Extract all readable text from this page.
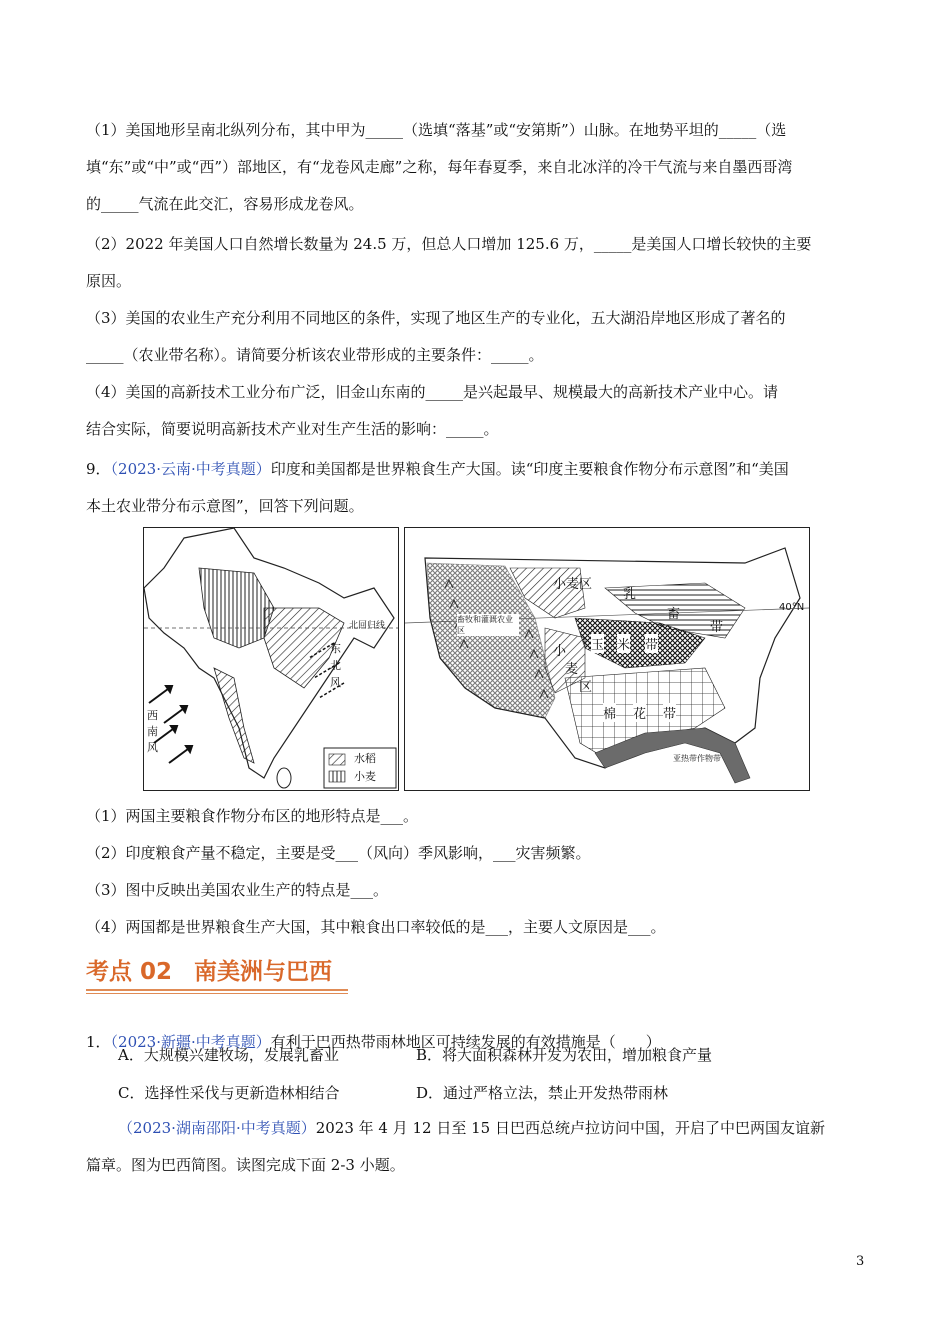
（1）美国地形呈南北纵列分布，其中甲为_____（选填“落基”或“安第斯”）山脉。在地势平坦的_____（选
填“东”或“中”或“西”）部地区，有“龙卷风走廊”之称，每年春夏季，来自北冰洋的冷干气流与来自墨西哥湾
的_____气流在此交汇，容易形成龙卷风。
（2）2022 年美国人口自然增长数量为 24.5 万，但总人口增加 125.6 万，_____是美国人口增长较快的主要
原因。
（3）美国的农业生产充分利用不同地区的条件，实现了地区生产的专业化，五大湖沿岸地区形成了著名的
_____（农业带名称）。请简要分析该农业带形成的主要条件：_____。
（4）美国的高新技术工业分布广泛，旧金山东南的_____是兴起最早、规模最大的高新技术产业中心。请
结合实际，简要说明高新技术产业对生产生活的影响：_____。
9．（2023·云南·中考真题）印度和美国都是世界粮食生产大国。读“印度主要粮食作物分布示意图”和“美国
本土农业带分布示意图”，回答下列问题。
水稻
小麦
北回归线
东北风
西南风
小麦区
乳
畜
带
玉 米 带
小
麦
区
棉 花 带
畜牧和灌溉农业区
亚热带作物带
40°N
（1）两国主要粮食作物分布区的地形特点是___。
（2）印度粮食产量不稳定，主要是受___（风向）季风影响，___灾害频繁。
（3）图中反映出美国农业生产的特点是___。
（4）两国都是世界粮食生产大国，其中粮食出口率较低的是___，主要人文原因是___。
考点 02 南美洲与巴西
1．（2023·新疆·中考真题）有利于巴西热带雨林地区可持续发展的有效措施是（　　）
A．大规模兴建牧场，发展乳畜业	B．将大面积森林开发为农田，增加粮食产量
C．选择性采伐与更新造林相结合	D．通过严格立法，禁止开发热带雨林
（2023·湖南邵阳·中考真题）2023 年 4 月 12 日至 15 日巴西总统卢拉访问中国，开启了中巴两国友谊新
篇章。图为巴西简图。读图完成下面 2-3 小题。
3
